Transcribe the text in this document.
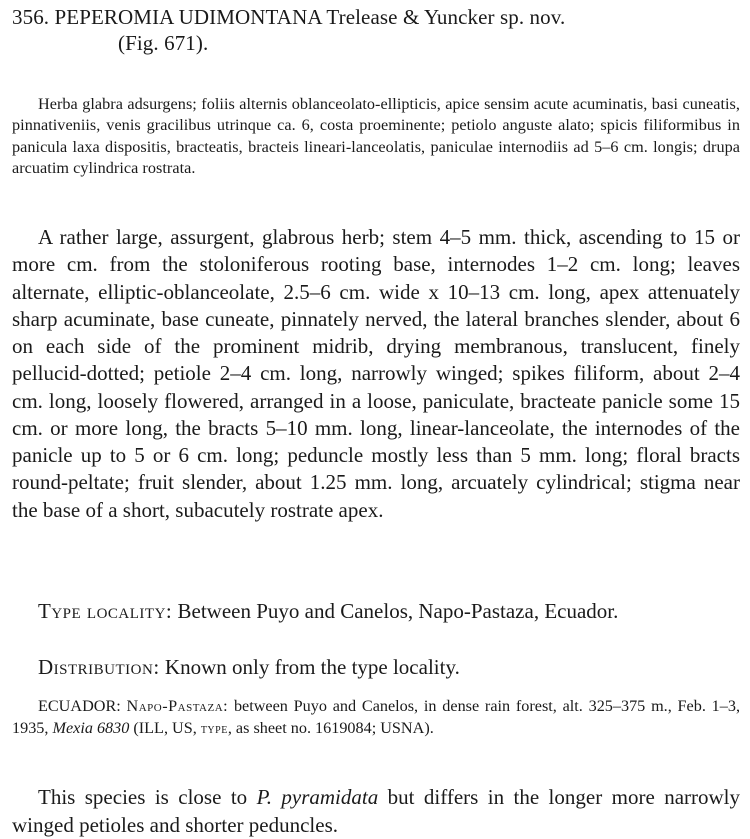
356. PEPEROMIA UDIMONTANA Trelease & Yuncker sp. nov.
(Fig. 671).

Herba glabra adsurgens; foliis alternis oblanceolato-ellipticis, apice sensim acute acuminatis, basi cuneatis, pinnativeniis, venis gracilibus utrinque ca. 6, costa proeminente; petiolo anguste alato; spicis filiformibus in panicula laxa dispositis, bracteatis, bracteis lineari-lanceolatis, paniculae internodiis ad 5–6 cm. longis; drupa arcuatim cylindrica rostrata.

A rather large, assurgent, glabrous herb; stem 4–5 mm. thick, ascending to 15 or more cm. from the stoloniferous rooting base, internodes 1–2 cm. long; leaves alternate, elliptic-oblanceolate, 2.5–6 cm. wide x 10–13 cm. long, apex attenuately sharp acuminate, base cuneate, pinnately nerved, the lateral branches slender, about 6 on each side of the prominent midrib, drying membranous, translucent, finely pellucid-dotted; petiole 2–4 cm. long, narrowly winged; spikes filiform, about 2–4 cm. long, loosely flowered, arranged in a loose, paniculate, bracteate panicle some 15 cm. or more long, the bracts 5–10 mm. long, linear-lanceolate, the internodes of the panicle up to 5 or 6 cm. long; peduncle mostly less than 5 mm. long; floral bracts round-peltate; fruit slender, about 1.25 mm. long, arcuately cylindrical; stigma near the base of a short, subacutely rostrate apex.

Type locality: Between Puyo and Canelos, Napo-Pastaza, Ecuador.

Distribution: Known only from the type locality.

ECUADOR: Napo-Pastaza: between Puyo and Canelos, in dense rain forest, alt. 325–375 m., Feb. 1–3, 1935, Mexia 6830 (ILL, US, type, as sheet no. 1619084; USNA).

This species is close to P. pyramidata but differs in the longer more narrowly winged petioles and shorter peduncles.
